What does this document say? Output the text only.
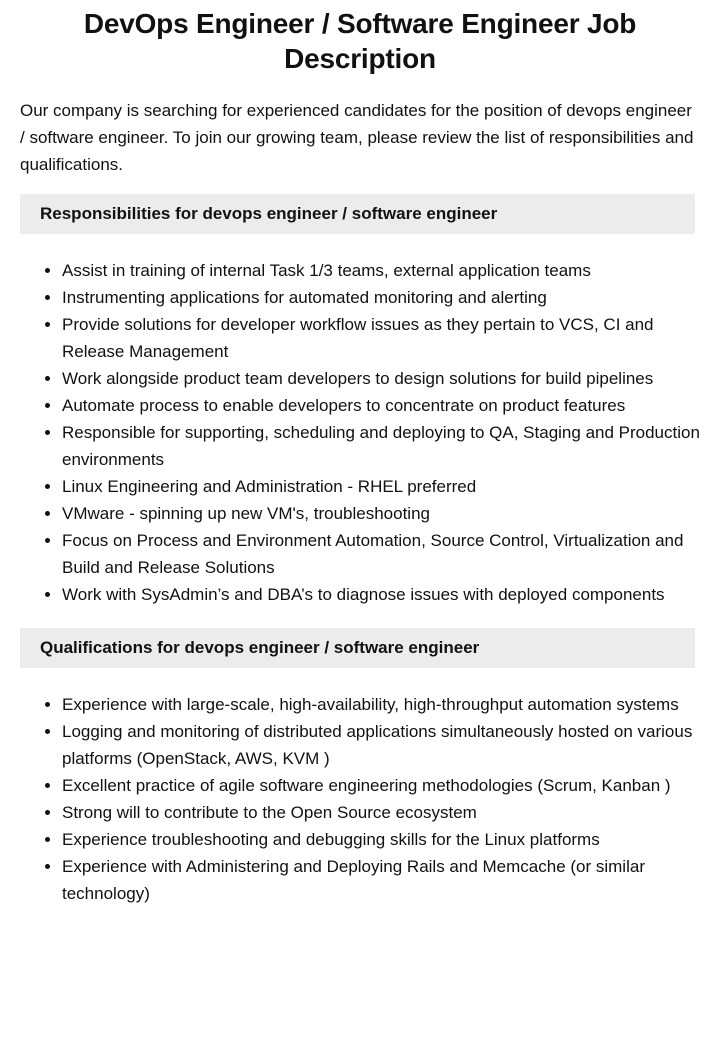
DevOps Engineer / Software Engineer Job Description

Our company is searching for experienced candidates for the position of devops engineer / software engineer. To join our growing team, please review the list of responsibilities and qualifications.

Responsibilities for devops engineer / software engineer
• Assist in training of internal Task 1/3 teams, external application teams
• Instrumenting applications for automated monitoring and alerting
• Provide solutions for developer workflow issues as they pertain to VCS, CI and Release Management
• Work alongside product team developers to design solutions for build pipelines
• Automate process to enable developers to concentrate on product features
• Responsible for supporting, scheduling and deploying to QA, Staging and Production environments
• Linux Engineering and Administration - RHEL preferred
• VMware - spinning up new VM's, troubleshooting
• Focus on Process and Environment Automation, Source Control, Virtualization and Build and Release Solutions
• Work with SysAdmin’s and DBA’s to diagnose issues with deployed components
Qualifications for devops engineer / software engineer
• Experience with large-scale, high-availability, high-throughput automation systems
• Logging and monitoring of distributed applications simultaneously hosted on various platforms (OpenStack, AWS, KVM )
• Excellent practice of agile software engineering methodologies (Scrum, Kanban )
• Strong will to contribute to the Open Source ecosystem
• Experience troubleshooting and debugging skills for the Linux platforms
• Experience with Administering and Deploying Rails and Memcache (or similar technology)
